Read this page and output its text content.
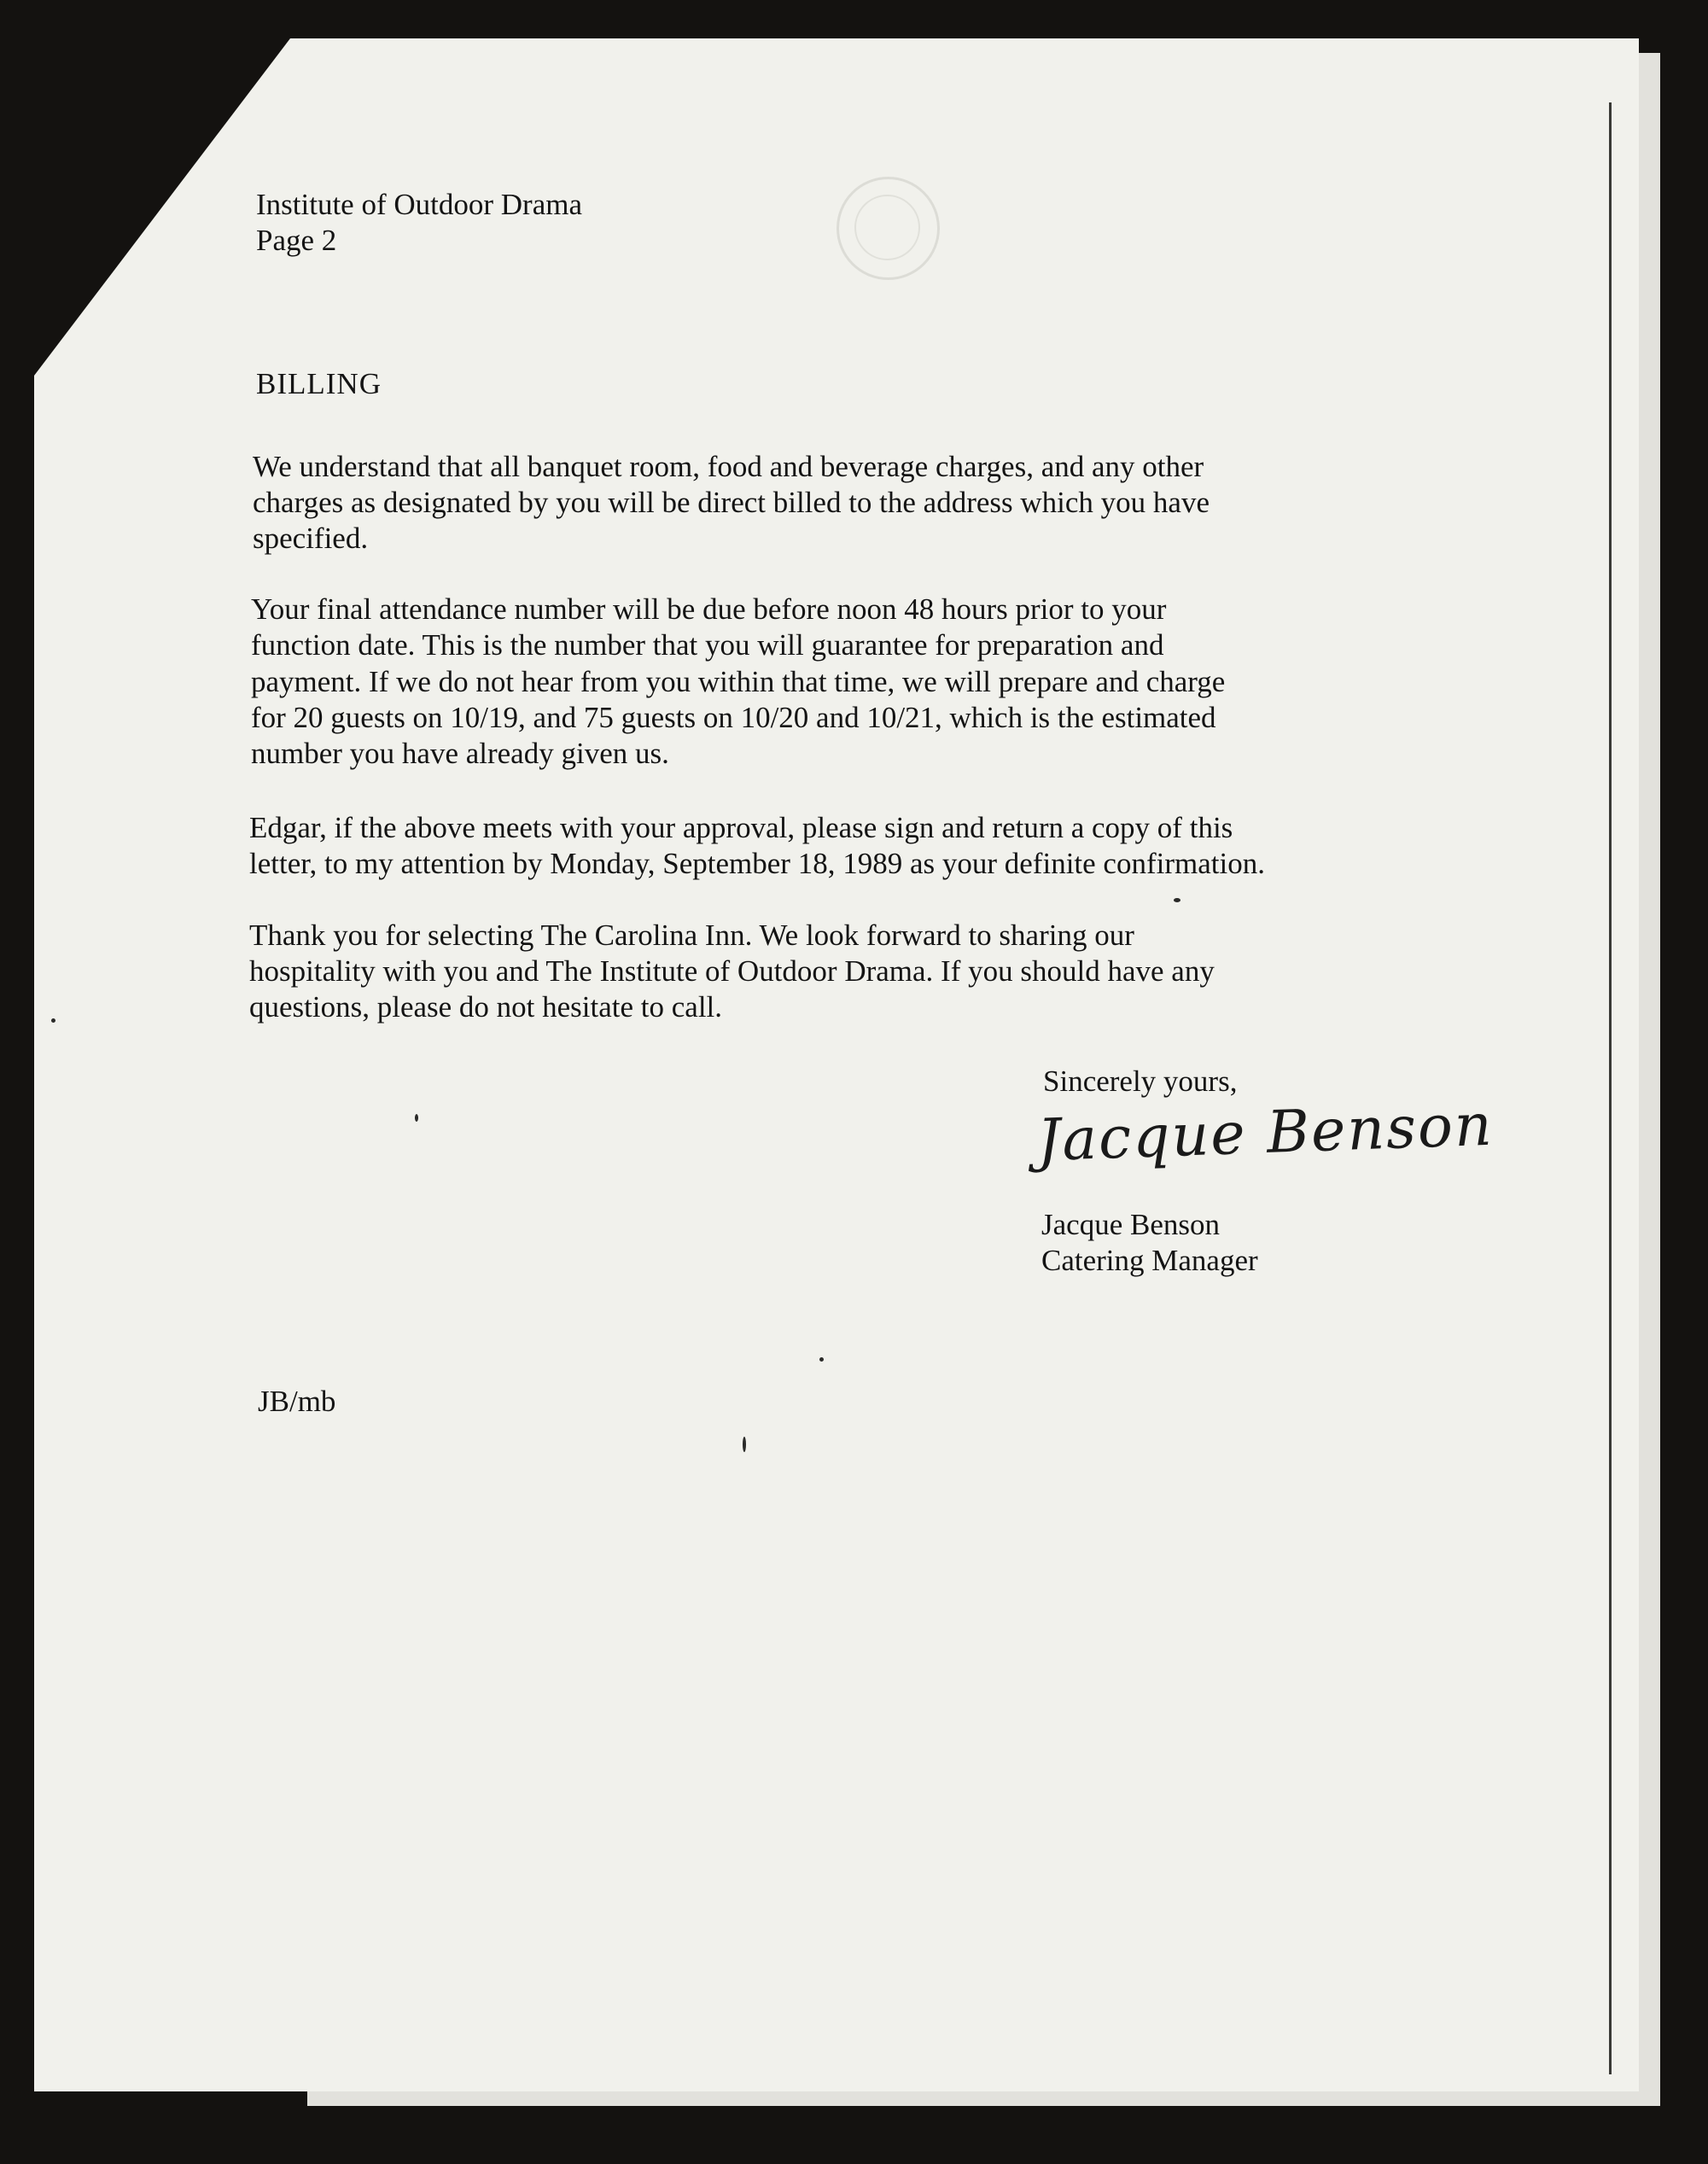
Institute of Outdoor Drama
Page 2
BILLING
We understand that all banquet room, food and beverage charges, and any other
charges as designated by you will be direct billed to the address which you have
specified.
Your final attendance number will be due before noon 48 hours prior to your
function date. This is the number that you will guarantee for preparation and
payment. If we do not hear from you within that time, we will prepare and charge
for 20 guests on 10/19, and 75 guests on 10/20 and 10/21, which is the estimated
number you have already given us.
Edgar, if the above meets with your approval, please sign and return a copy of this
letter, to my attention by Monday, September 18, 1989 as your definite confirmation.
Thank you for selecting The Carolina Inn. We look forward to sharing our
hospitality with you and The Institute of Outdoor Drama. If you should have any
questions, please do not hesitate to call.
Sincerely yours,
Jacque Benson
Jacque Benson
Catering Manager
JB/mb
